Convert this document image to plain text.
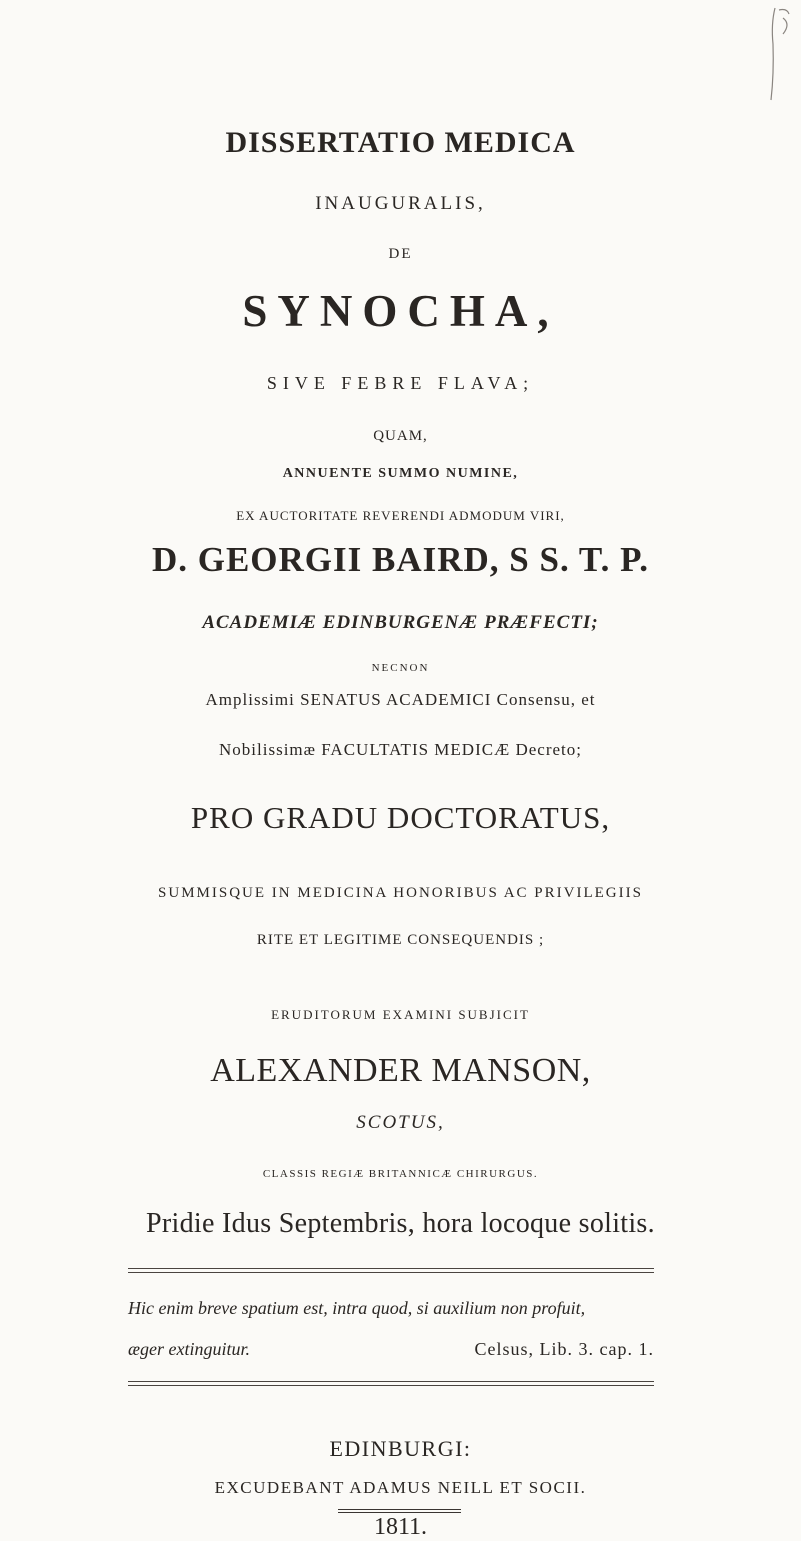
DISSERTATIO MEDICA
INAUGURALIS,
DE
SYNOCHA,
SIVE FEBRE FLAVA;
QUAM,
ANNUENTE SUMMO NUMINE,
EX AUCTORITATE REVERENDI ADMODUM VIRI,
D. GEORGII BAIRD, S S. T. P.
ACADEMIÆ EDINBURGENÆ PRÆFECTI;
NECNON
Amplissimi SENATUS ACADEMICI Consensu, et
Nobilissimæ FACULTATIS MEDICÆ Decreto;
PRO GRADU DOCTORATUS,
SUMMISQUE IN MEDICINA HONORIBUS AC PRIVILEGIIS
RITE ET LEGITIME CONSEQUENDIS ;
ERUDITORUM EXAMINI SUBJICIT
ALEXANDER MANSON,
SCOTUS,
CLASSIS REGIÆ BRITANNICÆ CHIRURGUS.
Pridie Idus Septembris, hora locoque solitis.
Hic enim breve spatium est, intra quod, si auxilium non profuit,
æger extinguitur.	Celsus, Lib. 3. cap. 1.
EDINBURGI:
EXCUDEBANT ADAMUS NEILL ET SOCII.
1811.
